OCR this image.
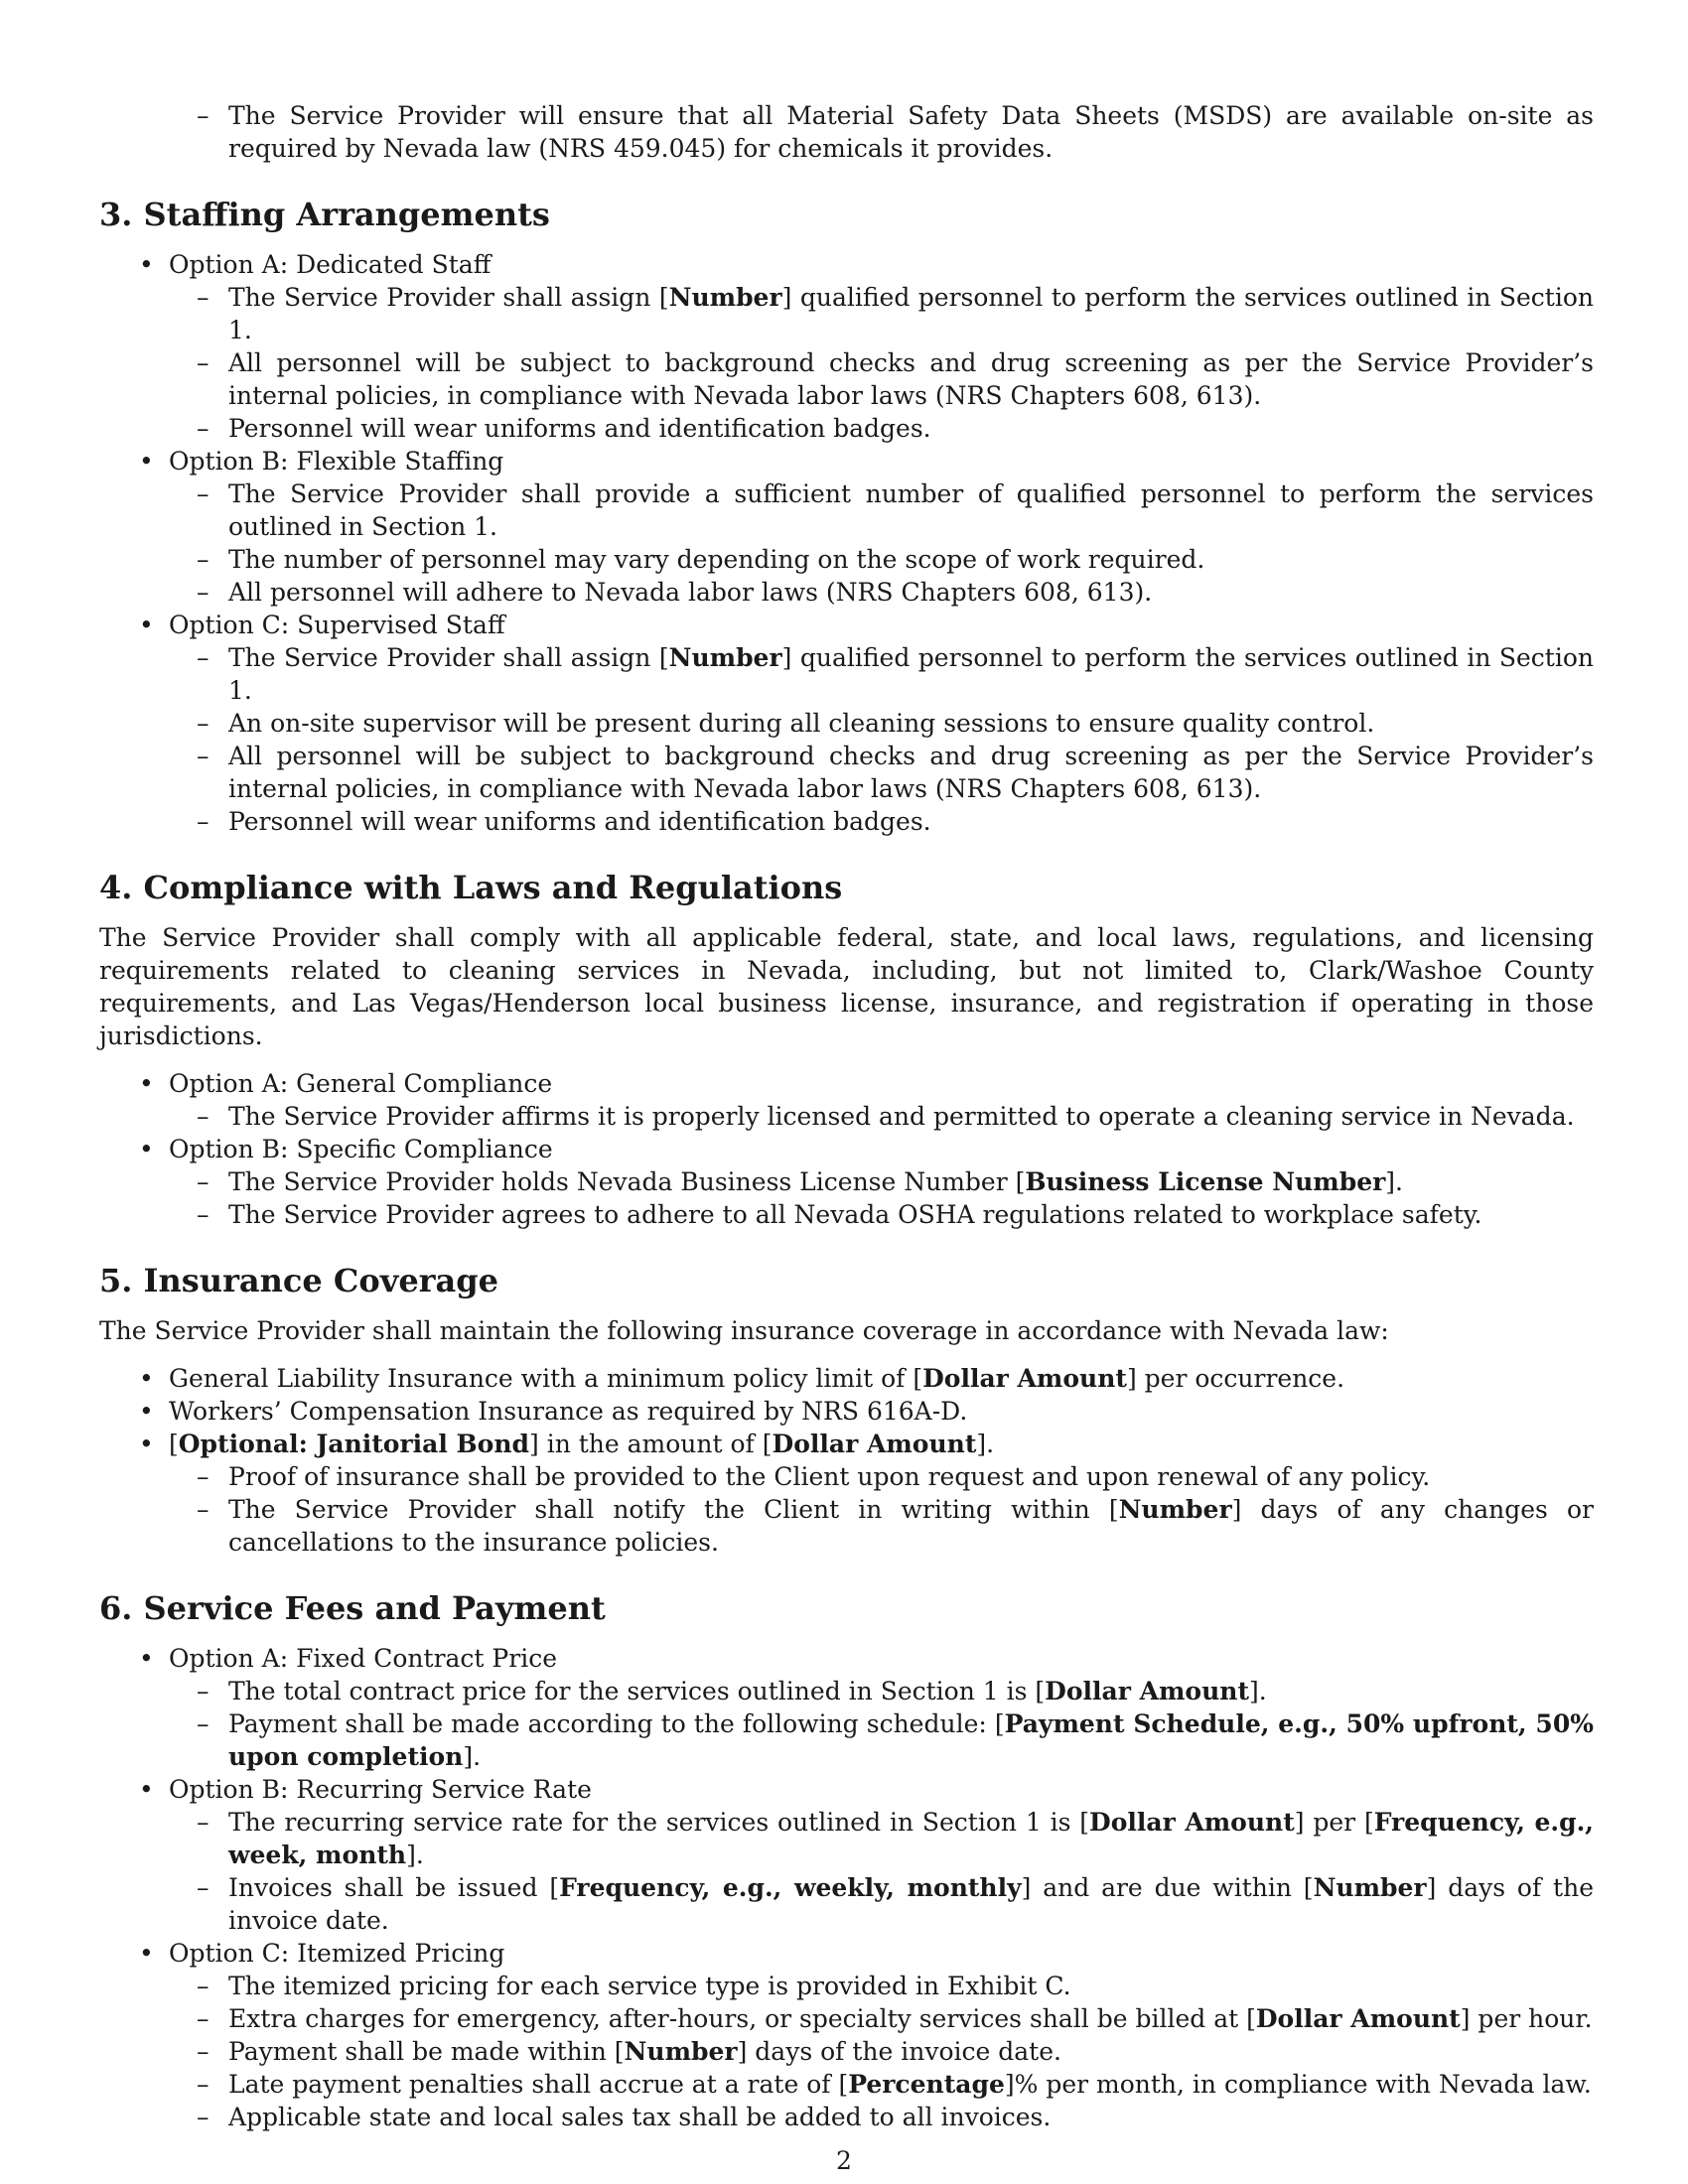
– The Service Provider will ensure that all Material Safety Data Sheets (MSDS) are available on-site as required by Nevada law (NRS 459.045) for chemicals it provides.
3. Staffing Arrangements
• Option A: Dedicated Staff
– The Service Provider shall assign [Number] qualified personnel to perform the services outlined in Section 1.
– All personnel will be subject to background checks and drug screening as per the Service Provider’s internal policies, in compliance with Nevada labor laws (NRS Chapters 608, 613).
– Personnel will wear uniforms and identification badges.
• Option B: Flexible Staffing
– The Service Provider shall provide a sufficient number of qualified personnel to perform the services outlined in Section 1.
– The number of personnel may vary depending on the scope of work required.
– All personnel will adhere to Nevada labor laws (NRS Chapters 608, 613).
• Option C: Supervised Staff
– The Service Provider shall assign [Number] qualified personnel to perform the services outlined in Section 1.
– An on-site supervisor will be present during all cleaning sessions to ensure quality control.
– All personnel will be subject to background checks and drug screening as per the Service Provider’s internal policies, in compliance with Nevada labor laws (NRS Chapters 608, 613).
– Personnel will wear uniforms and identification badges.
4. Compliance with Laws and Regulations

The Service Provider shall comply with all applicable federal, state, and local laws, regulations, and licensing requirements related to cleaning services in Nevada, including, but not limited to, Clark/Washoe County requirements, and Las Vegas/Henderson local business license, insurance, and registration if operating in those jurisdictions.

• Option A: General Compliance
– The Service Provider affirms it is properly licensed and permitted to operate a cleaning service in Nevada.
• Option B: Specific Compliance
– The Service Provider holds Nevada Business License Number [Business License Number].
– The Service Provider agrees to adhere to all Nevada OSHA regulations related to workplace safety.
5. Insurance Coverage

The Service Provider shall maintain the following insurance coverage in accordance with Nevada law:

• General Liability Insurance with a minimum policy limit of [Dollar Amount] per occurrence.
• Workers’ Compensation Insurance as required by NRS 616A-D.
• [Optional: Janitorial Bond] in the amount of [Dollar Amount].
– Proof of insurance shall be provided to the Client upon request and upon renewal of any policy.
– The Service Provider shall notify the Client in writing within [Number] days of any changes or cancellations to the insurance policies.
6. Service Fees and Payment
• Option A: Fixed Contract Price
– The total contract price for the services outlined in Section 1 is [Dollar Amount].
– Payment shall be made according to the following schedule: [Payment Schedule, e.g., 50% upfront, 50% upon completion].
• Option B: Recurring Service Rate
– The recurring service rate for the services outlined in Section 1 is [Dollar Amount] per [Frequency, e.g., week, month].
– Invoices shall be issued [Frequency, e.g., weekly, monthly] and are due within [Number] days of the invoice date.
• Option C: Itemized Pricing
– The itemized pricing for each service type is provided in Exhibit C.
– Extra charges for emergency, after-hours, or specialty services shall be billed at [Dollar Amount] per hour.
– Payment shall be made within [Number] days of the invoice date.
– Late payment penalties shall accrue at a rate of [Percentage]% per month, in compliance with Nevada law.
– Applicable state and local sales tax shall be added to all invoices.
2
